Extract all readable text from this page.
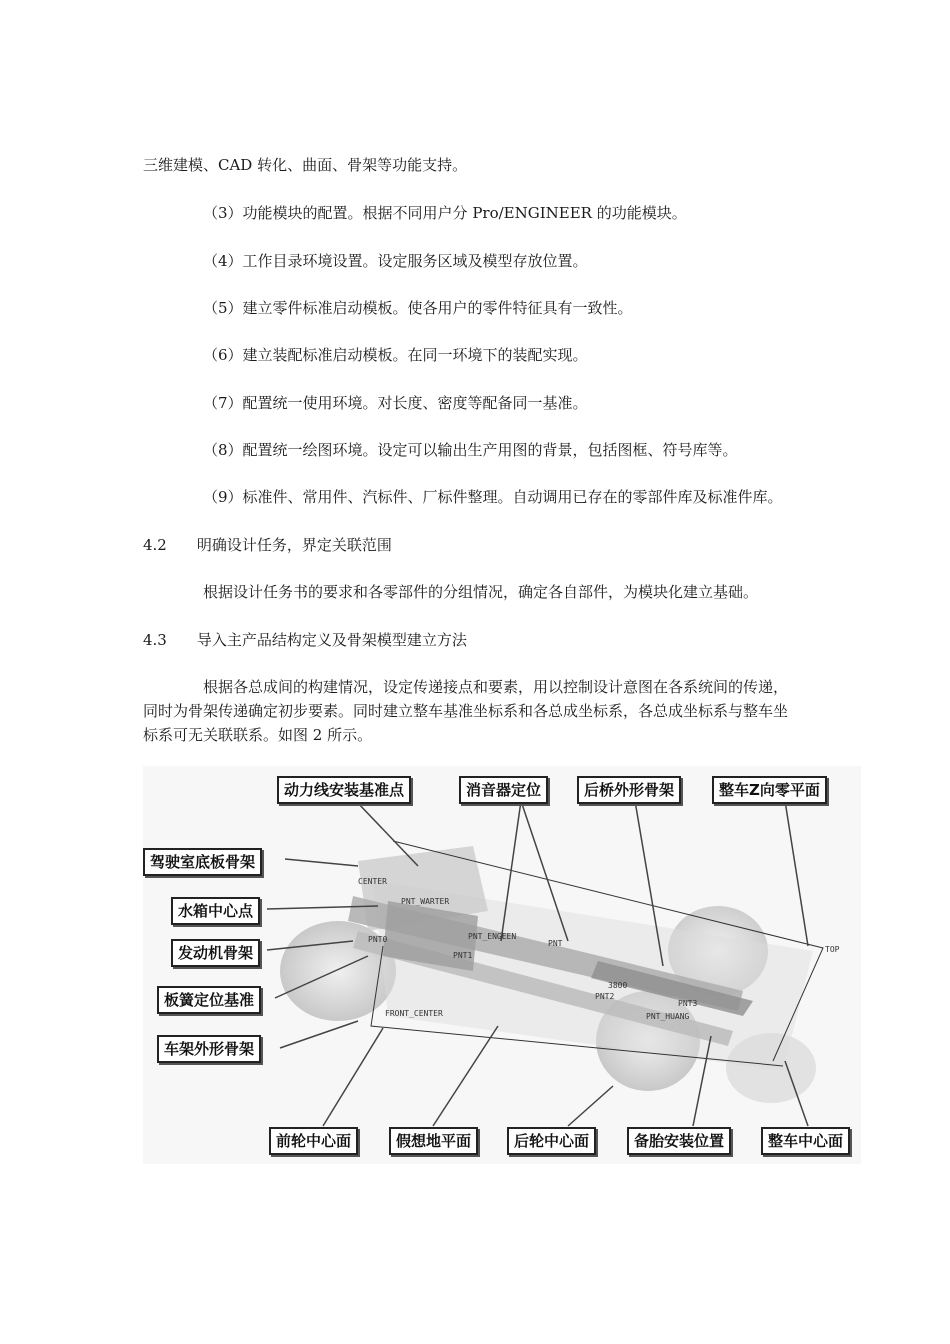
三维建模、CAD 转化、曲面、骨架等功能支持。
（3）功能模块的配置。根据不同用户分 Pro/ENGINEER 的功能模块。
（4）工作目录环境设置。设定服务区域及模型存放位置。
（5）建立零件标准启动模板。使各用户的零件特征具有一致性。
（6）建立装配标准启动模板。在同一环境下的装配实现。
（7）配置统一使用环境。对长度、密度等配备同一基准。
（8）配置统一绘图环境。设定可以输出生产用图的背景，包括图框、符号库等。
（9）标准件、常用件、汽标件、厂标件整理。自动调用已存在的零部件库及标准件库。
4.2　　明确设计任务，界定关联范围
根据设计任务书的要求和各零部件的分组情况，确定各自部件，为模块化建立基础。
4.3　　导入主产品结构定义及骨架模型建立方法
根据各总成间的构建情况，设定传递接点和要素，用以控制设计意图在各系统间的传递，
同时为骨架传递确定初步要素。同时建立整车基准坐标系和各总成坐标系，各总成坐标系与整车坐
标系可无关联联系。如图 2 所示。
CENTER
PNT_WARTER
PNT0	PNT_ENGEEN
PNT1
PNT
3800
PNT2
PNT3
PNT_HUANG
TOP
FRONT_CENTER
动力线安装基准点	消音器定位	后桥外形骨架	整车Z向零平面
驾驶室底板骨架
水箱中心点
发动机骨架
板簧定位基准
车架外形骨架
前轮中心面	假想地平面	后轮中心面	备胎安装位置	整车中心面
